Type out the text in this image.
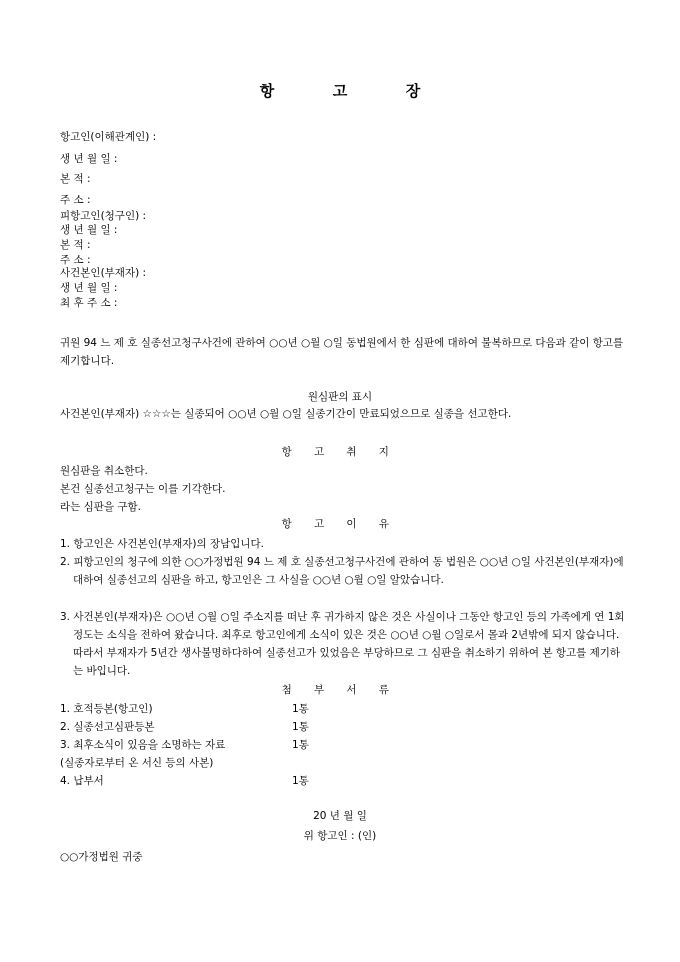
항	고	장
항고인(이해관계인) :
생 년 월 일 :
본 적 :
주 소 :
피항고인(청구인) :
생 년 월 일 :
본 적 :
주 소 :
사건본인(부재자) :
생 년 월 일 :
최 후 주 소 :
귀원 94 느 제 호 실종선고청구사건에 관하여 ○○년 ○월 ○일 동법원에서 한 심판에 대하여 불복하므로 다음과 같이 항고를 제기합니다.
원심판의 표시
사건본인(부재자) ☆☆☆는 실종되어 ○○년 ○월 ○일 실종기간이 만료되었으므로 실종을 선고한다.
항 고 취 지
원심판을 취소한다.
본건 실종선고청구는 이를 기각한다.
라는 심판을 구함.
항 고 이 유
1. 항고인은 사건본인(부재자)의 장남입니다.
2. 피항고인의 청구에 의한 ○○가정법원 94 느 제 호 실종선고청구사건에 관하여 동 법원은 ○○년 ○일 사건본인(부재자)에 대하여 실종선고의 심판을 하고, 항고인은 그 사실을 ○○년 ○월 ○일 알았습니다.
3. 사건본인(부재자)은 ○○년 ○월 ○일 주소지를 떠난 후 귀가하지 않은 것은 사실이나 그동안 항고인 등의 가족에게 연 1회 정도는 소식을 전하여 왔습니다. 최후로 항고인에게 소식이 있은 것은 ○○년 ○월 ○일로서 몰과 2년밖에 되지 않습니다. 따라서 부재자가 5년간 생사불명하다하여 실종선고가 있었음은 부당하므로 그 심판을 취소하기 위하여 본 항고를 제기하는 바입니다.
첨 부 서 류
1. 호적등본(항고인)	1통
2. 실종선고심판등본	1통
3. 최후소식이 있음을 소명하는 자료	1통
(실종자로부터 온 서신 등의 사본)
4. 납부서	1통
20 년 월 일
위 항고인 : (인)
○○가정법원 귀중
